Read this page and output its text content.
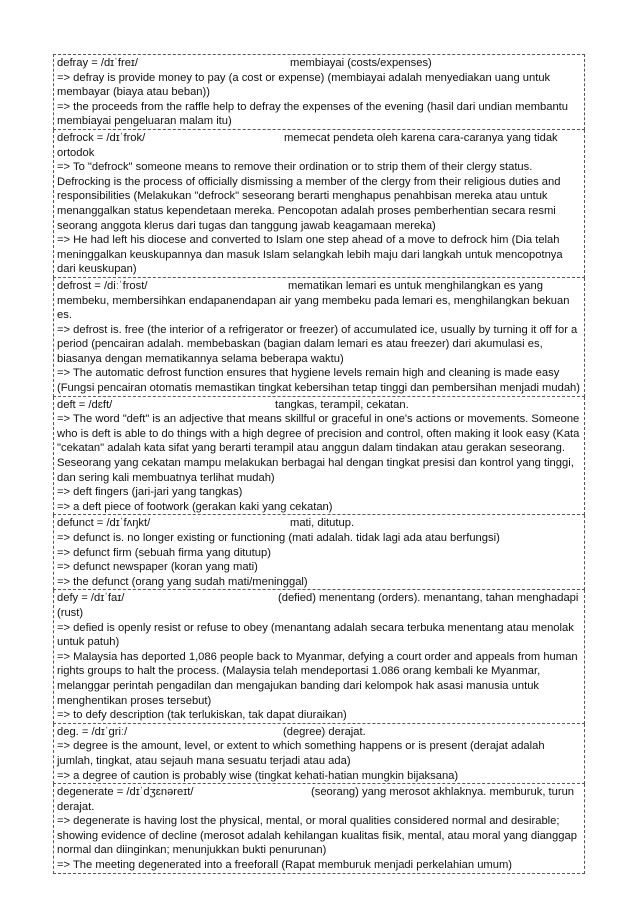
defray = /dɪˈfreɪ/	membiayai (costs/expenses)
=> defray is provide money to pay (a cost or expense) (membiayai adalah menyediakan uang untuk membayar (biaya atau beban))
=> the proceeds from the raffle help to defray the expenses of the evening (hasil dari undian membantu membiayai pengeluaran malam itu)
defrock = /dɪˈfrok/	memecat pendeta oleh karena cara-caranya yang tidak ortodok
=> To "defrock" someone means to remove their ordination or to strip them of their clergy status. Defrocking is the process of officially dismissing a member of the clergy from their religious duties and responsibilities (Melakukan "defrock" seseorang berarti menghapus penahbisan mereka atau untuk menanggalkan status kependetaan mereka. Pencopotan adalah proses pemberhentian secara resmi seorang anggota klerus dari tugas dan tanggung jawab keagamaan mereka)
=> He had left his diocese and converted to Islam one step ahead of a move to defrock him (Dia telah meninggalkan keuskupannya dan masuk Islam selangkah lebih maju dari langkah untuk mencopotnya dari keuskupan)
defrost = /diːˈfrost/	mematikan lemari es untuk menghilangkan es yang membeku, membersihkan endapanendapan air yang membeku pada lemari es, menghilangkan bekuan es.
=> defrost is. free (the interior of a refrigerator or freezer) of accumulated ice, usually by turning it off for a period (pencairan adalah. membebaskan (bagian dalam lemari es atau freezer) dari akumulasi es, biasanya dengan mematikannya selama beberapa waktu)
=> The automatic defrost function ensures that hygiene levels remain high and cleaning is made easy (Fungsi pencairan otomatis memastikan tingkat kebersihan tetap tinggi dan pembersihan menjadi mudah)
deft = /dɛft/	tangkas, terampil, cekatan.
=> The word "deft" is an adjective that means skillful or graceful in one's actions or movements. Someone who is deft is able to do things with a high degree of precision and control, often making it look easy (Kata "cekatan" adalah kata sifat yang berarti terampil atau anggun dalam tindakan atau gerakan seseorang. Seseorang yang cekatan mampu melakukan berbagai hal dengan tingkat presisi dan kontrol yang tinggi, dan sering kali membuatnya terlihat mudah)
=> deft fingers (jari-jari yang tangkas)
=> a deft piece of footwork (gerakan kaki yang cekatan)
defunct = /dɪˈfʌŋkt/	mati, ditutup.
=> defunct is. no longer existing or functioning (mati adalah. tidak lagi ada atau berfungsi)
=> defunct firm (sebuah firma yang ditutup)
=> defunct newspaper (koran yang mati)
=> the defunct (orang yang sudah mati/meninggal)
defy = /dɪˈfaɪ/	(defied) menentang (orders). menantang, tahan menghadapi (rust)
=> defied is openly resist or refuse to obey (menantang adalah secara terbuka menentang atau menolak untuk patuh)
=> Malaysia has deported 1,086 people back to Myanmar, defying a court order and appeals from human rights groups to halt the process. (Malaysia telah mendeportasi 1.086 orang kembali ke Myanmar, melanggar perintah pengadilan dan mengajukan banding dari kelompok hak asasi manusia untuk menghentikan proses tersebut)
=> to defy description (tak terlukiskan, tak dapat diuraikan)
deg. = /dɪˈgriː/	(degree) derajat.
=> degree is the amount, level, or extent to which something happens or is present (derajat adalah jumlah, tingkat, atau sejauh mana sesuatu terjadi atau ada)
=> a degree of caution is probably wise (tingkat kehati-hatian mungkin bijaksana)
degenerate = /dɪˈdʒɛnəreɪt/	(seorang) yang merosot akhlaknya. memburuk, turun derajat.
=> degenerate is having lost the physical, mental, or moral qualities considered normal and desirable; showing evidence of decline (merosot adalah kehilangan kualitas fisik, mental, atau moral yang dianggap normal dan diinginkan; menunjukkan bukti penurunan)
=> The meeting degenerated into a freeforall (Rapat memburuk menjadi perkelahian umum)
